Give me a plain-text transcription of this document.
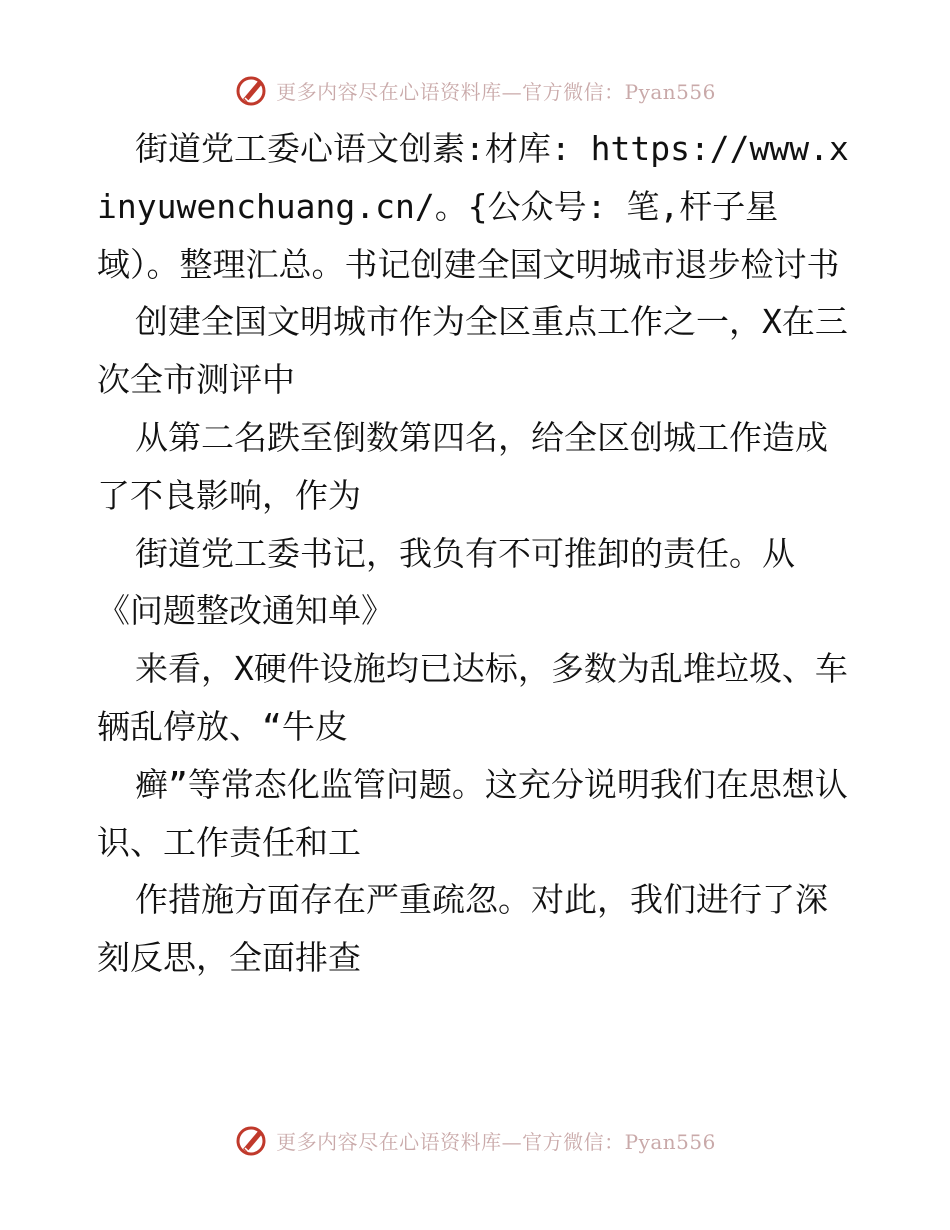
更多内容尽在心语资料库—官方微信：Pyan556

街道党工委心语文创素:材库: https://www.xinyuwenchuang.cn/。{公众号: 笔,杆子星域）。整理汇总。书记创建全国文明城市退步检讨书

创建全国文明城市作为全区重点工作之一，X在三次全市测评中

从第二名跌至倒数第四名，给全区创城工作造成了不良影响，作为

街道党工委书记，我负有不可推卸的责任。从《问题整改通知单》

来看，X硬件设施均已达标，多数为乱堆垃圾、车辆乱停放、“牛皮

癣”等常态化监管问题。这充分说明我们在思想认识、工作责任和工

作措施方面存在严重疏忽。对此，我们进行了深刻反思，全面排查

更多内容尽在心语资料库—官方微信：Pyan556
